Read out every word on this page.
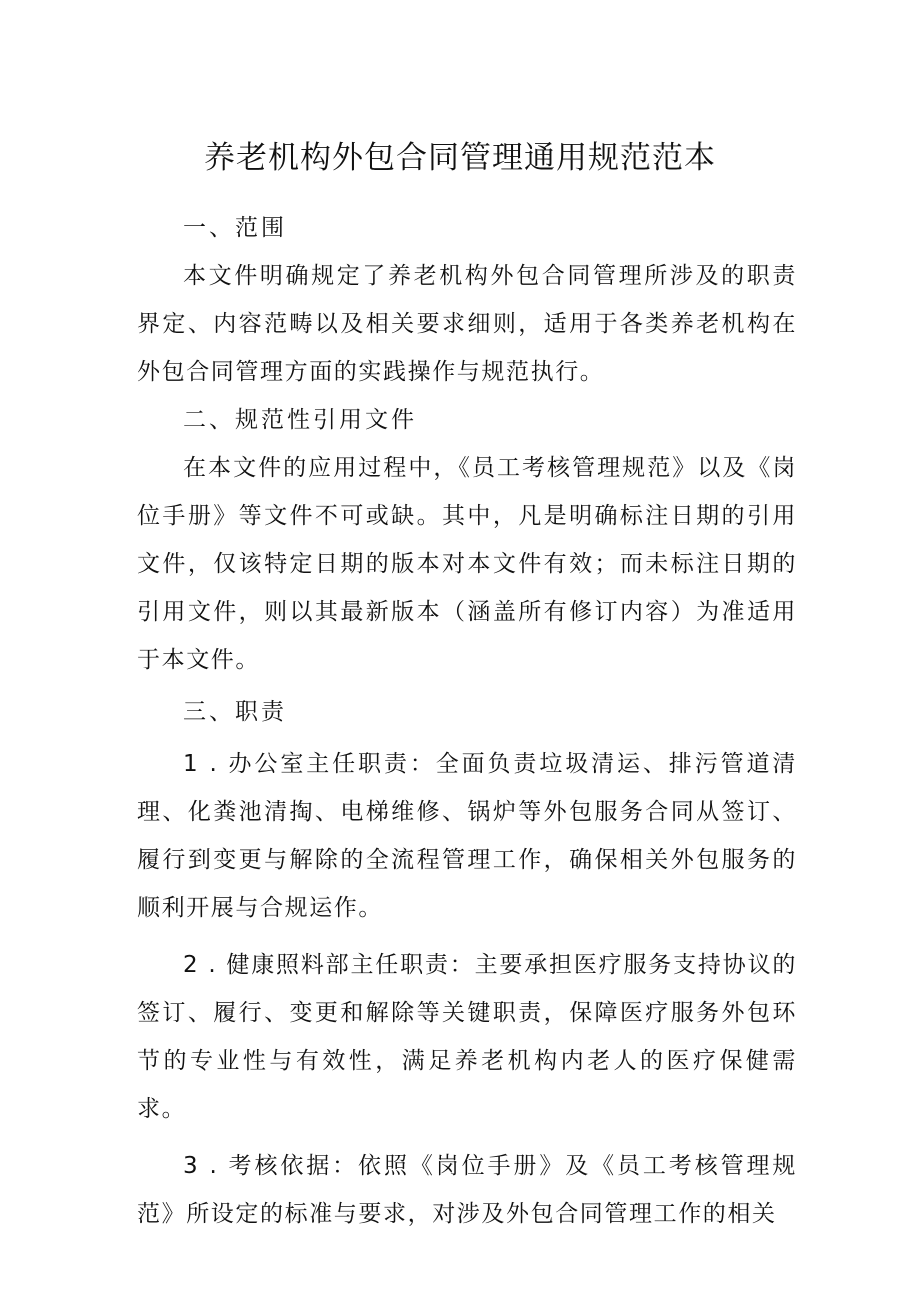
养老机构外包合同管理通用规范范本

一、范围

本文件明确规定了养老机构外包合同管理所涉及的职责界定、内容范畴以及相关要求细则，适用于各类养老机构在外包合同管理方面的实践操作与规范执行。

二、规范性引用文件

在本文件的应用过程中，《员工考核管理规范》以及《岗位手册》等文件不可或缺。其中，凡是明确标注日期的引用文件，仅该特定日期的版本对本文件有效；而未标注日期的引用文件，则以其最新版本（涵盖所有修订内容）为准适用于本文件。

三、职责

1 . 办公室主任职责：全面负责垃圾清运、排污管道清理、化粪池清掏、电梯维修、锅炉等外包服务合同从签订、履行到变更与解除的全流程管理工作，确保相关外包服务的顺利开展与合规运作。

2 . 健康照料部主任职责：主要承担医疗服务支持协议的签订、履行、变更和解除等关键职责，保障医疗服务外包环节的专业性与有效性，满足养老机构内老人的医疗保健需求。

3 . 考核依据：依照《岗位手册》及《员工考核管理规范》所设定的标准与要求，对涉及外包合同管理工作的相关
